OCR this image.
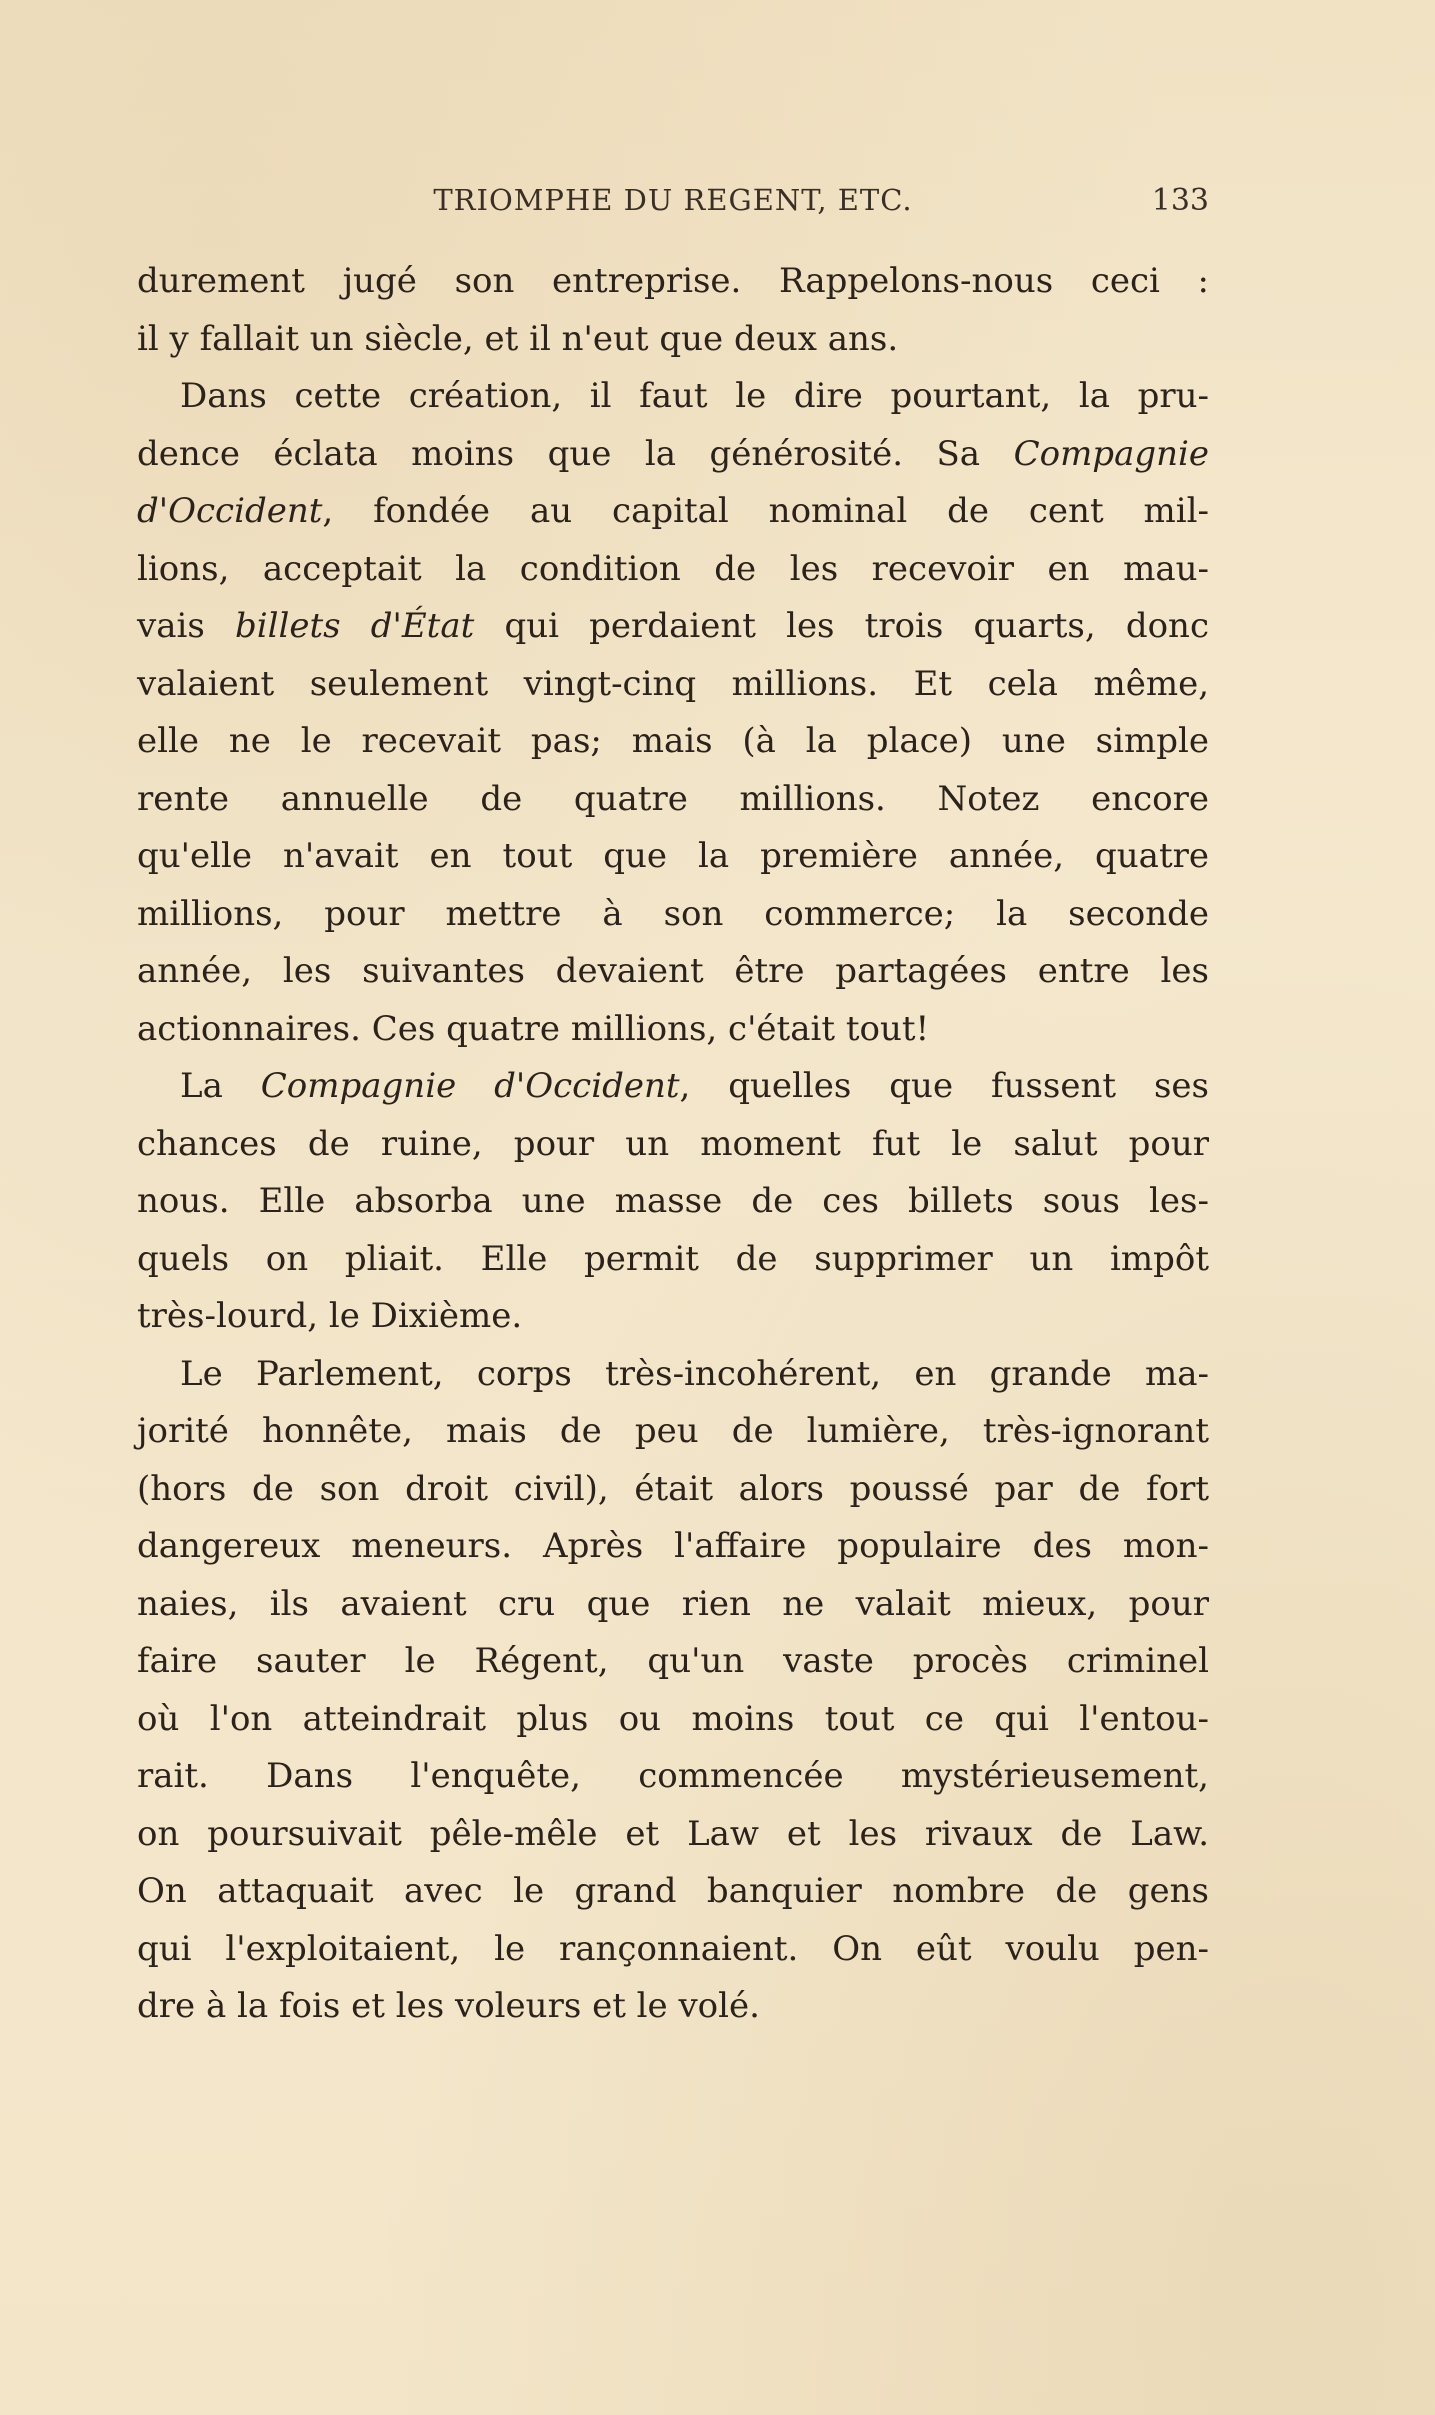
TRIOMPHE DU REGENT, ETC.	133
durement jugé son entreprise. Rappelons-nous ceci :
il y fallait un siècle, et il n'eut que deux ans.
Dans cette création, il faut le dire pourtant, la pru-
dence éclata moins que la générosité. Sa Compagnie
d'Occident, fondée au capital nominal de cent mil-
lions, acceptait la condition de les recevoir en mau-
vais billets d'État qui perdaient les trois quarts, donc
valaient seulement vingt-cinq millions. Et cela même,
elle ne le recevait pas; mais (à la place) une simple
rente annuelle de quatre millions. Notez encore
qu'elle n'avait en tout que la première année, quatre
millions, pour mettre à son commerce; la seconde
année, les suivantes devaient être partagées entre les
actionnaires. Ces quatre millions, c'était tout!
La Compagnie d'Occident, quelles que fussent ses
chances de ruine, pour un moment fut le salut pour
nous. Elle absorba une masse de ces billets sous les-
quels on pliait. Elle permit de supprimer un impôt
très-lourd, le Dixième.
Le Parlement, corps très-incohérent, en grande ma-
jorité honnête, mais de peu de lumière, très-ignorant
(hors de son droit civil), était alors poussé par de fort
dangereux meneurs. Après l'affaire populaire des mon-
naies, ils avaient cru que rien ne valait mieux, pour
faire sauter le Régent, qu'un vaste procès criminel
où l'on atteindrait plus ou moins tout ce qui l'entou-
rait. Dans l'enquête, commencée mystérieusement,
on poursuivait pêle-mêle et Law et les rivaux de Law.
On attaquait avec le grand banquier nombre de gens
qui l'exploitaient, le rançonnaient. On eût voulu pen-
dre à la fois et les voleurs et le volé.
